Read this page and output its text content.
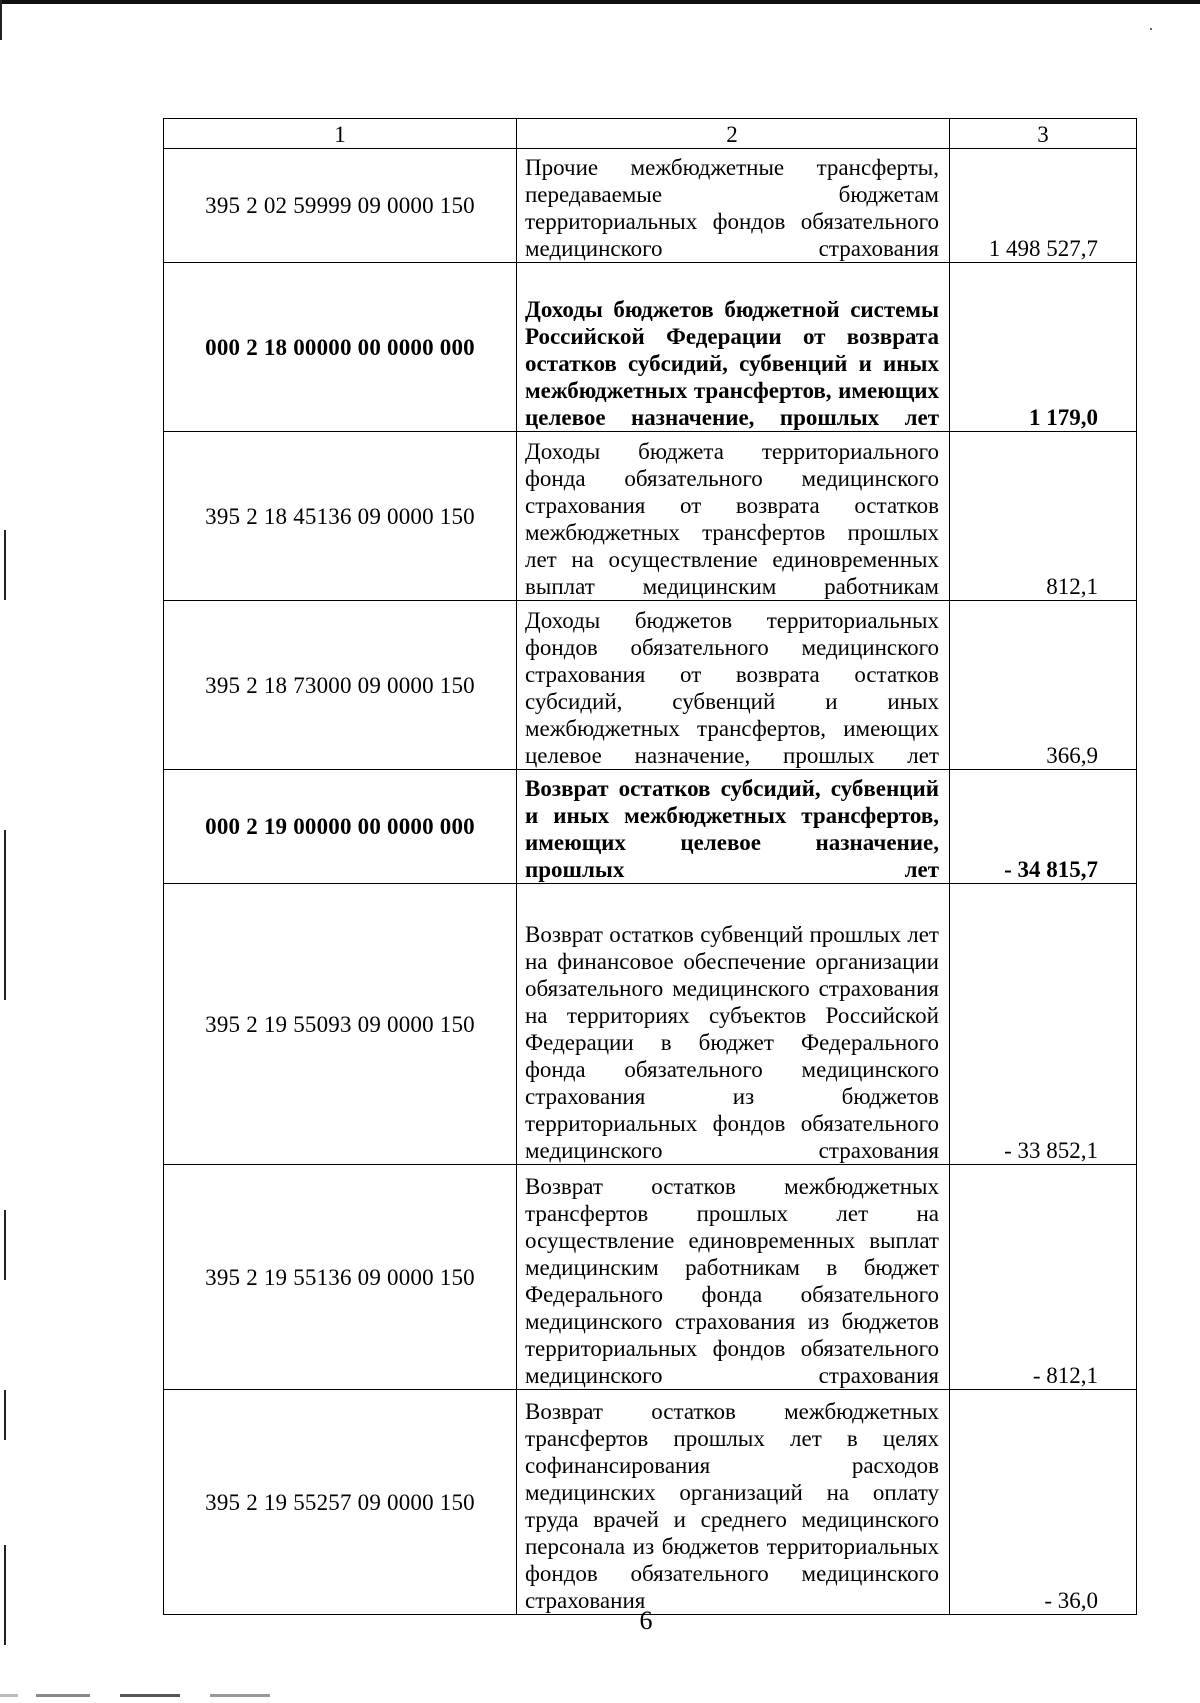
1	2	3
395 2 02 59999 09 0000 150	Прочие межбюджетные трансферты, передаваемые бюджетам территориальных фондов обязательного медицинского страхования	1 498 527,7
000 2 18 00000 00 0000 000	Доходы бюджетов бюджетной системы Российской Федерации от возврата остатков субсидий, субвенций и иных межбюджетных трансфертов, имеющих целевое назначение, прошлых лет	1 179,0
395 2 18 45136 09 0000 150	Доходы бюджета территориального фонда обязательного медицинского страхования от возврата остатков межбюджетных трансфертов прошлых лет на осуществление единовременных выплат медицинским работникам	812,1
395 2 18 73000 09 0000 150	Доходы бюджетов территориальных фондов обязательного медицинского страхования от возврата остатков субсидий, субвенций и иных межбюджетных трансфертов, имеющих целевое назначение, прошлых лет	366,9
000 2 19 00000 00 0000 000	Возврат остатков субсидий, субвенций и иных межбюджетных трансфертов, имеющих целевое назначение, прошлых лет	- 34 815,7
395 2 19 55093 09 0000 150	Возврат остатков субвенций прошлых лет на финансовое обеспечение организации обязательного медицинского страхования на территориях субъектов Российской Федерации в бюджет Федерального фонда обязательного медицинского страхования из бюджетов территориальных фондов обязательного медицинского страхования	- 33 852,1
395 2 19 55136 09 0000 150	Возврат остатков межбюджетных трансфертов прошлых лет на осуществление единовременных выплат медицинским работникам в бюджет Федерального фонда обязательного медицинского страхования из бюджетов территориальных фондов обязательного медицинского страхования	- 812,1
395 2 19 55257 09 0000 150	Возврат остатков межбюджетных трансфертов прошлых лет в целях софинансирования расходов медицинских организаций на оплату труда врачей и среднего медицинского персонала из бюджетов территориальных фондов обязательного медицинского страхования	- 36,0
6
